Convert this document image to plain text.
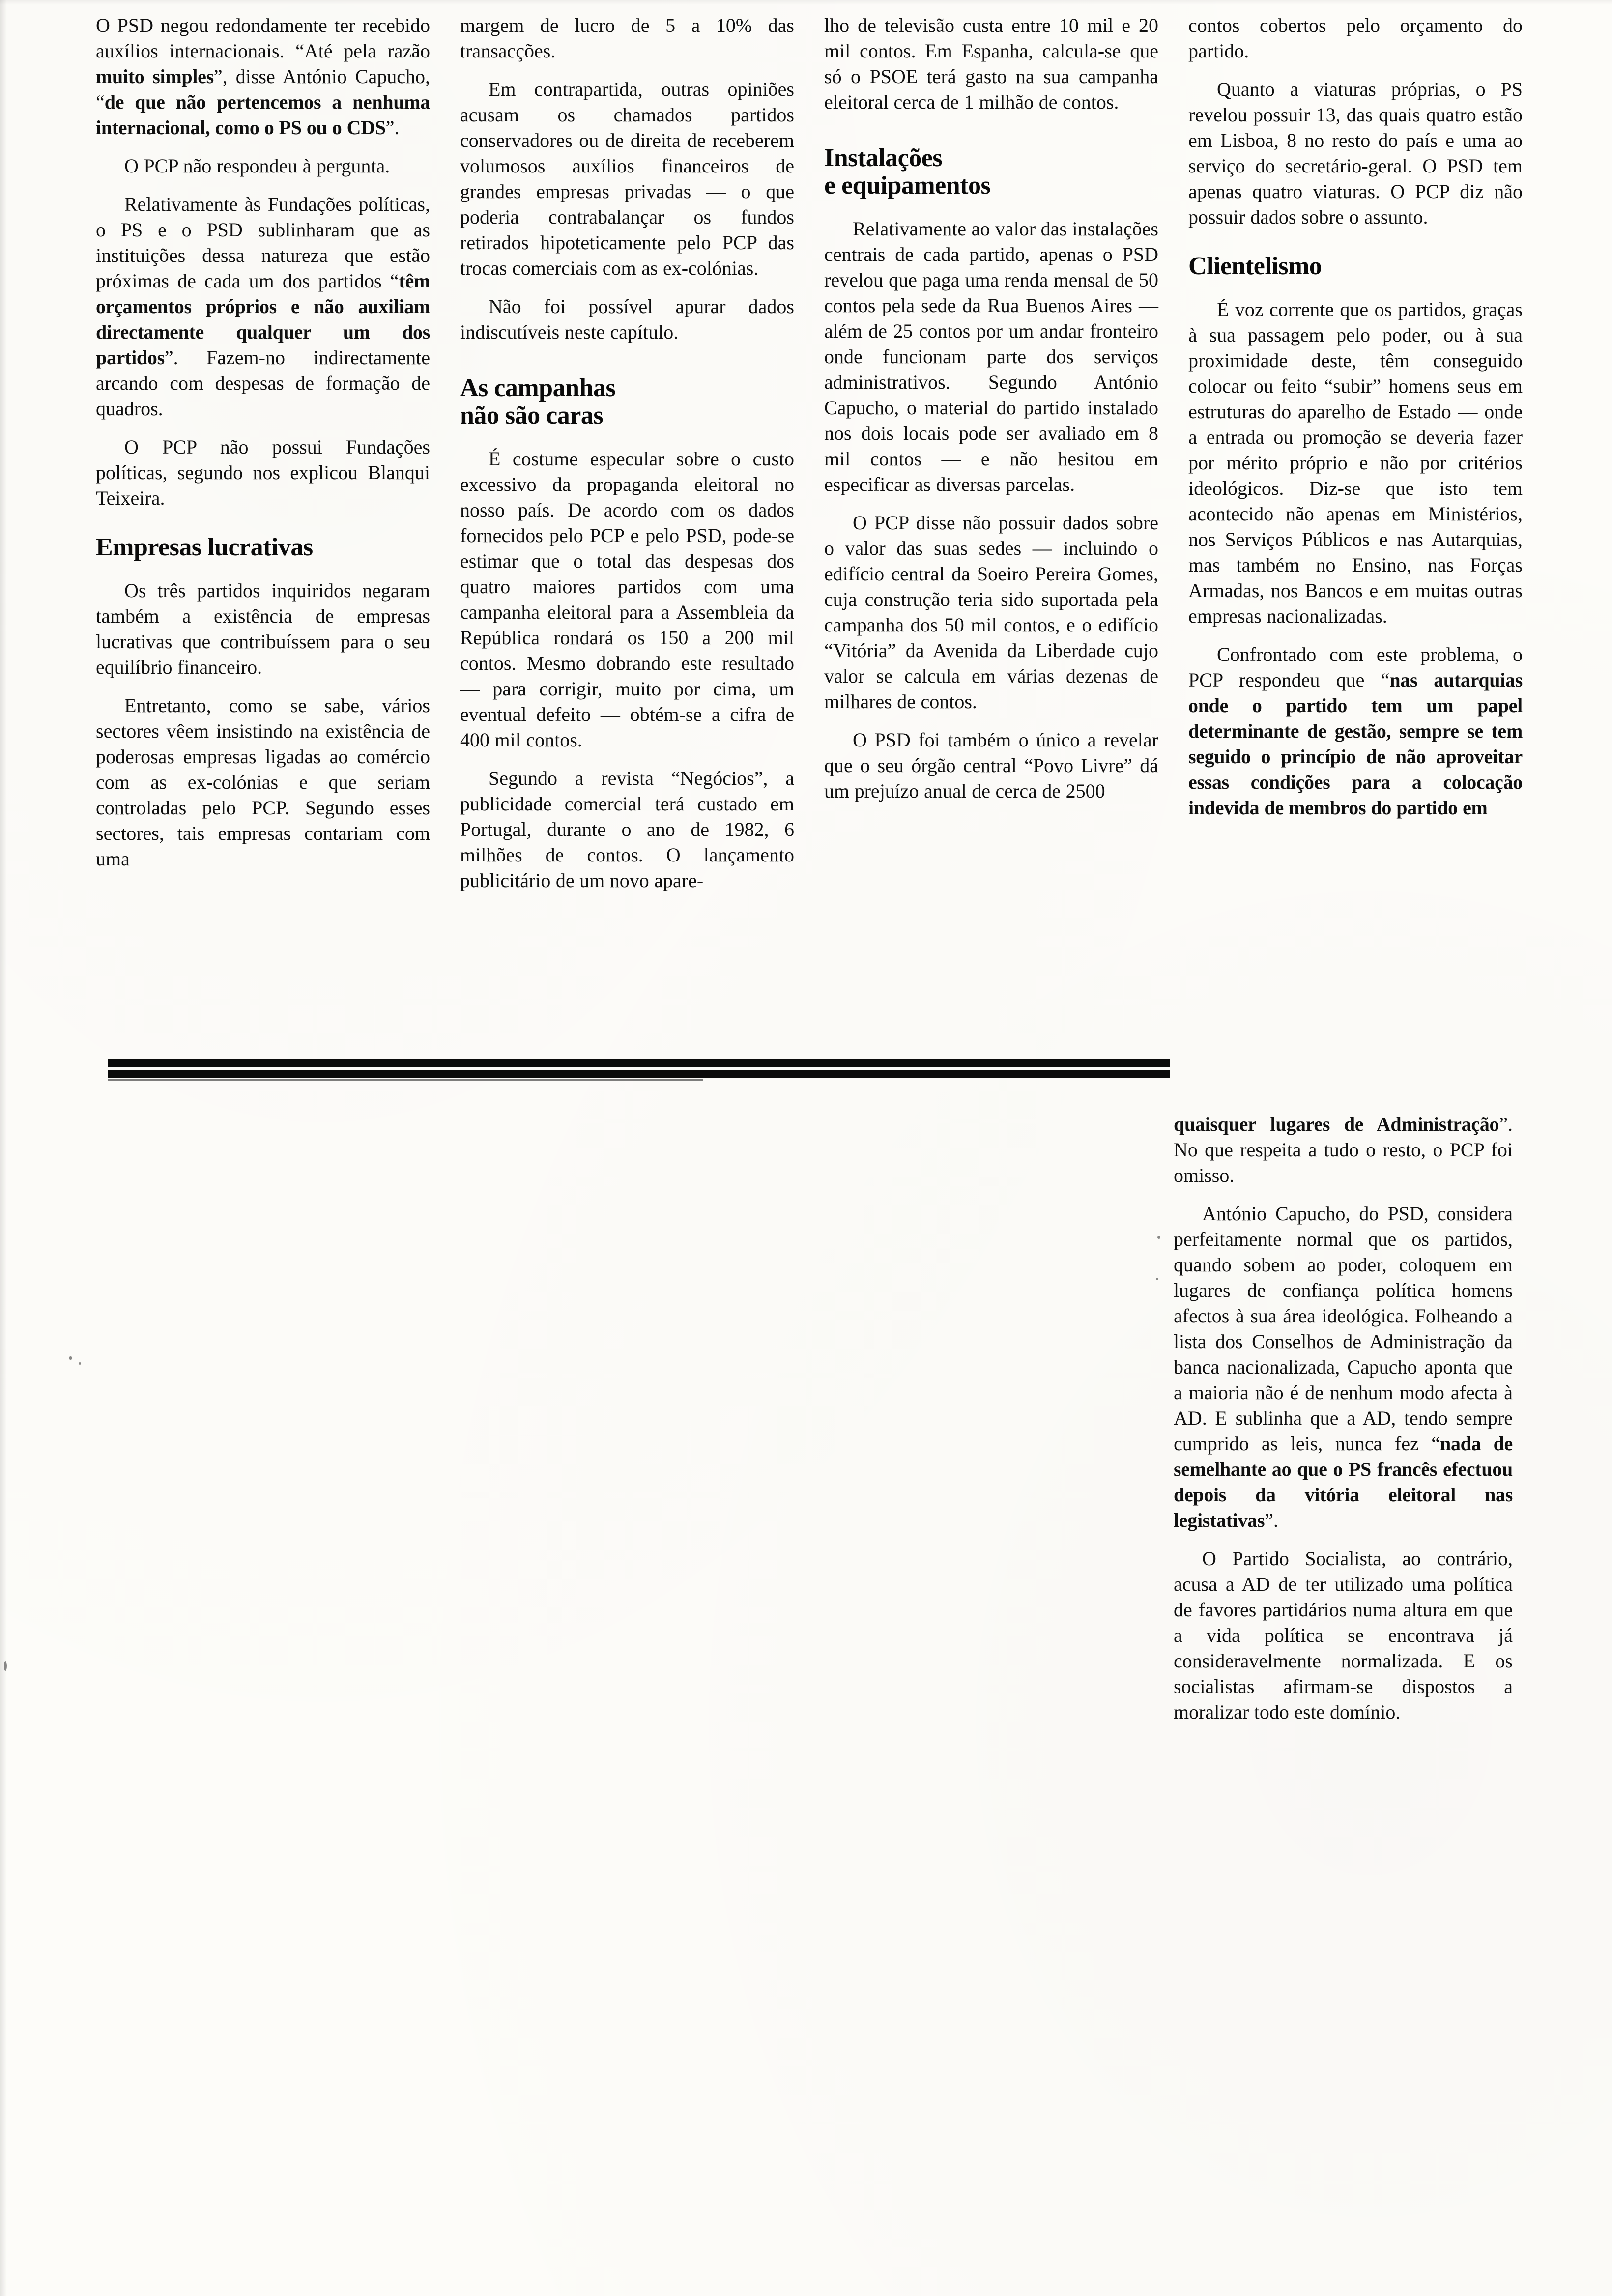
O PSD negou redondamente ter recebido auxílios internacionais. “Até pela razão muito simples”, disse António Capucho, “de que não pertencemos a nenhuma internacional, como o PS ou o CDS”.

O PCP não respondeu à pergunta.

Relativamente às Fundações políticas, o PS e o PSD sublinharam que as instituições dessa natureza que estão próximas de cada um dos partidos “têm orçamentos próprios e não auxiliam directamente qualquer um dos partidos”. Fazem-no indirectamente arcando com despesas de formação de quadros.

O PCP não possui Fundações políticas, segundo nos explicou Blanqui Teixeira.

Empresas lucrativas

Os três partidos inquiridos negaram também a existência de empresas lucrativas que contribuíssem para o seu equilíbrio financeiro.

Entretanto, como se sabe, vários sectores vêem insistindo na existência de poderosas empresas ligadas ao comércio com as ex-colónias e que seriam controladas pelo PCP. Segundo esses sectores, tais empresas contariam com uma

margem de lucro de 5 a 10% das transacções.

Em contrapartida, outras opiniões acusam os chamados partidos conservadores ou de direita de receberem volumosos auxílios financeiros de grandes empresas privadas — o que poderia contrabalançar os fundos retirados hipoteticamente pelo PCP das trocas comerciais com as ex-colónias.

Não foi possível apurar dados indiscutíveis neste capítulo.

As campanhas
não são caras

É costume especular sobre o custo excessivo da propaganda eleitoral no nosso país. De acordo com os dados fornecidos pelo PCP e pelo PSD, pode-se estimar que o total das despesas dos quatro maiores partidos com uma campanha eleitoral para a Assembleia da República rondará os 150 a 200 mil contos. Mesmo dobrando este resultado — para corrigir, muito por cima, um eventual defeito — obtém-se a cifra de 400 mil contos.

Segundo a revista “Negócios”, a publicidade comercial terá custado em Portugal, durante o ano de 1982, 6 milhões de contos. O lançamento publicitário de um novo apare-

lho de televisão custa entre 10 mil e 20 mil contos. Em Espanha, calcula-se que só o PSOE terá gasto na sua campanha eleitoral cerca de 1 milhão de contos.

Instalações
e equipamentos

Relativamente ao valor das instalações centrais de cada partido, apenas o PSD revelou que paga uma renda mensal de 50 contos pela sede da Rua Buenos Aires — além de 25 contos por um andar fronteiro onde funcionam parte dos serviços administrativos. Segundo António Capucho, o material do partido instalado nos dois locais pode ser avaliado em 8 mil contos — e não hesitou em especificar as diversas parcelas.

O PCP disse não possuir dados sobre o valor das suas sedes — incluindo o edifício central da Soeiro Pereira Gomes, cuja construção teria sido suportada pela campanha dos 50 mil contos, e o edifício “Vitória” da Avenida da Liberdade cujo valor se calcula em várias dezenas de milhares de contos.

O PSD foi também o único a revelar que o seu órgão central “Povo Livre” dá um prejuízo anual de cerca de 2500

contos cobertos pelo orçamento do partido.

Quanto a viaturas próprias, o PS revelou possuir 13, das quais quatro estão em Lisboa, 8 no resto do país e uma ao serviço do secretário-geral. O PSD tem apenas quatro viaturas. O PCP diz não possuir dados sobre o assunto.

Clientelismo

É voz corrente que os partidos, graças à sua passagem pelo poder, ou à sua proximidade deste, têm conseguido colocar ou feito “subir” homens seus em estruturas do aparelho de Estado — onde a entrada ou promoção se deveria fazer por mérito próprio e não por critérios ideológicos. Diz-se que isto tem acontecido não apenas em Ministérios, nos Serviços Públicos e nas Autarquias, mas também no Ensino, nas Forças Armadas, nos Bancos e em muitas outras empresas nacionalizadas.

Confrontado com este problema, o PCP respondeu que “nas autarquias onde o partido tem um papel determinante de gestão, sempre se tem seguido o princípio de não aproveitar essas condições para a colocação indevida de membros do partido em

quaisquer lugares de Administração”. No que respeita a tudo o resto, o PCP foi omisso.

António Capucho, do PSD, considera perfeitamente normal que os partidos, quando sobem ao poder, coloquem em lugares de confiança política homens afectos à sua área ideológica. Folheando a lista dos Conselhos de Administração da banca nacionalizada, Capucho aponta que a maioria não é de nenhum modo afecta à AD. E sublinha que a AD, tendo sempre cumprido as leis, nunca fez “nada de semelhante ao que o PS francês efectuou depois da vitória eleitoral nas legistativas”.

O Partido Socialista, ao contrário, acusa a AD de ter utilizado uma política de favores partidários numa altura em que a vida política se encontrava já consideravelmente normalizada. E os socialistas afirmam-se dispostos a moralizar todo este domínio.
